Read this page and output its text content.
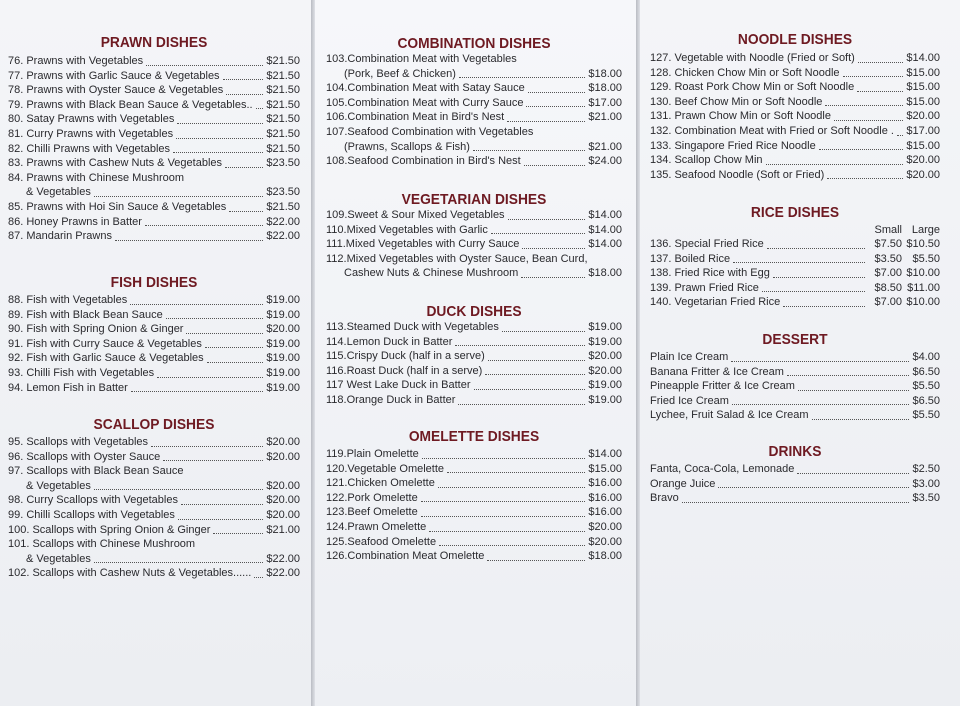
PRAWN DISHES
76. Prawns with Vegetables	$21.50
77. Prawns with Garlic Sauce & Vegetables	$21.50
78. Prawns with Oyster Sauce & Vegetables	$21.50
79. Prawns with Black Bean Sauce & Vegetables.. $21.50
80. Satay Prawns with Vegetables	$21.50
81. Curry Prawns with Vegetables	$21.50
82. Chilli Prawns with Vegetables	$21.50
83. Prawns with Cashew Nuts & Vegetables	$23.50
84. Prawns with Chinese Mushroom
& Vegetables	$23.50
85. Prawns with Hoi Sin Sauce & Vegetables	$21.50
86. Honey Prawns in Batter	$22.00
87. Mandarin Prawns	$22.00
FISH DISHES
88. Fish with Vegetables	$19.00
89. Fish with Black Bean Sauce	$19.00
90. Fish with Spring Onion & Ginger	$20.00
91. Fish with Curry Sauce & Vegetables	$19.00
92. Fish with Garlic Sauce & Vegetables	$19.00
93. Chilli Fish with Vegetables	$19.00
94. Lemon Fish in Batter	$19.00
SCALLOP DISHES
95. Scallops with Vegetables	$20.00
96. Scallops with Oyster Sauce	$20.00
97. Scallops with Black Bean Sauce
& Vegetables	$20.00
98. Curry Scallops with Vegetables	$20.00
99. Chilli Scallops with Vegetables	$20.00
100. Scallops with Spring Onion & Ginger	$21.00
101. Scallops with Chinese Mushroom
& Vegetables	$22.00
102. Scallops with Cashew Nuts & Vegetables...... $22.00
COMBINATION DISHES
103.Combination Meat with Vegetables
(Pork, Beef & Chicken)	$18.00
104.Combination Meat with Satay Sauce	$18.00
105.Combination Meat with Curry Sauce	$17.00
106.Combination Meat in Bird's Nest	$21.00
107.Seafood Combination with Vegetables
(Prawns, Scallops & Fish)	$21.00
108.Seafood Combination in Bird's Nest	$24.00
VEGETARIAN DISHES
109.Sweet & Sour Mixed Vegetables	$14.00
110.Mixed Vegetables with Garlic	$14.00
111.Mixed Vegetables with Curry Sauce	$14.00
112.Mixed Vegetables with Oyster Sauce, Bean Curd,
Cashew Nuts & Chinese Mushroom	$18.00
DUCK DISHES
113.Steamed Duck with Vegetables	$19.00
114.Lemon Duck in Batter	$19.00
115.Crispy Duck (half in a serve)	$20.00
116.Roast Duck (half in a serve)	$20.00
117 West Lake Duck in Batter	$19.00
118.Orange Duck in Batter	$19.00
OMELETTE DISHES
119.Plain Omelette	$14.00
120.Vegetable Omelette	$15.00
121.Chicken Omelette	$16.00
122.Pork Omelette	$16.00
123.Beef Omelette	$16.00
124.Prawn Omelette	$20.00
125.Seafood Omelette	$20.00
126.Combination Meat Omelette	$18.00
NOODLE DISHES
127. Vegetable with Noodle (Fried or Soft)	$14.00
128. Chicken Chow Min or Soft Noodle	$15.00
129. Roast Pork Chow Min or Soft Noodle	$15.00
130. Beef Chow Min or Soft Noodle	$15.00
131. Prawn Chow Min or Soft Noodle	$20.00
132. Combination Meat with Fried or Soft Noodle . $17.00
133. Singapore Fried Rice Noodle	$15.00
134. Scallop Chow Min	$20.00
135. Seafood Noodle (Soft or Fried)	$20.00
RICE DISHES
Small Large
136. Special Fried Rice	$7.50 $10.50
137. Boiled Rice	$3.50 $5.50
138. Fried Rice with Egg	$7.00 $10.00
139. Prawn Fried Rice	$8.50 $11.00
140. Vegetarian Fried Rice	$7.00 $10.00
DESSERT
Plain Ice Cream	$4.00
Banana Fritter & Ice Cream	$6.50
Pineapple Fritter & Ice Cream	$5.50
Fried Ice Cream	$6.50
Lychee, Fruit Salad & Ice Cream	$5.50
DRINKS
Fanta, Coca-Cola, Lemonade	$2.50
Orange Juice	$3.00
Bravo	$3.50
